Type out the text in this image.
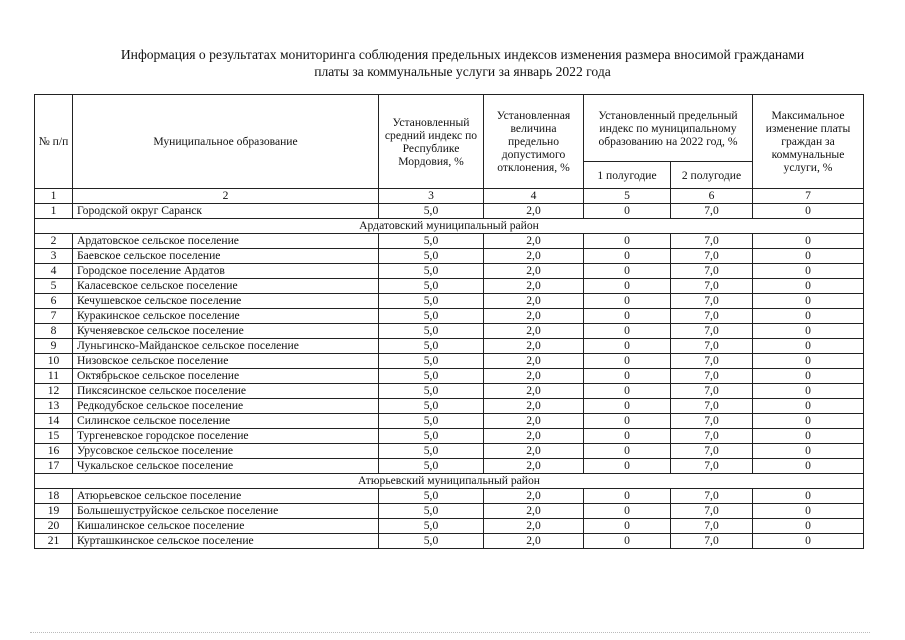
Информация о результатах мониторинга соблюдения предельных индексов изменения размера вносимой гражданами
платы за коммунальные услуги за январь 2022 года
№ п/п	Муниципальное образование	Установленный средний индекс по Республике Мордовия, %	Установленная величина предельно допустимого отклонения, %	Установленный предельный индекс по муниципальному образованию на 2022 год, %		Максимальное изменение платы граждан за коммунальные услуги, %
				1 полугодие	2 полугодие	
1	2	3	4	5	6	7
1	Городской округ Саранск	5,0	2,0	0	7,0	0
Ардатовский муниципальный район						
2	Ардатовское сельское поселение	5,0	2,0	0	7,0	0
3	Баевское сельское поселение	5,0	2,0	0	7,0	0
4	Городское поселение Ардатов	5,0	2,0	0	7,0	0
5	Каласевское сельское поселение	5,0	2,0	0	7,0	0
6	Кечушевское сельское поселение	5,0	2,0	0	7,0	0
7	Куракинское сельское поселение	5,0	2,0	0	7,0	0
8	Кученяевское сельское поселение	5,0	2,0	0	7,0	0
9	Луньгинско-Майданское сельское поселение	5,0	2,0	0	7,0	0
10	Низовское сельское поселение	5,0	2,0	0	7,0	0
11	Октябрьское сельское поселение	5,0	2,0	0	7,0	0
12	Пиксясинское сельское поселение	5,0	2,0	0	7,0	0
13	Редкодубское сельское поселение	5,0	2,0	0	7,0	0
14	Силинское сельское поселение	5,0	2,0	0	7,0	0
15	Тургеневское городское поселение	5,0	2,0	0	7,0	0
16	Урусовское сельское поселение	5,0	2,0	0	7,0	0
17	Чукальское сельское поселение	5,0	2,0	0	7,0	0
Атюрьевский муниципальный район						
18	Атюрьевское сельское поселение	5,0	2,0	0	7,0	0
19	Большешуструйское сельское поселение	5,0	2,0	0	7,0	0
20	Кишалинское сельское поселение	5,0	2,0	0	7,0	0
21	Курташкинское сельское поселение	5,0	2,0	0	7,0	0
